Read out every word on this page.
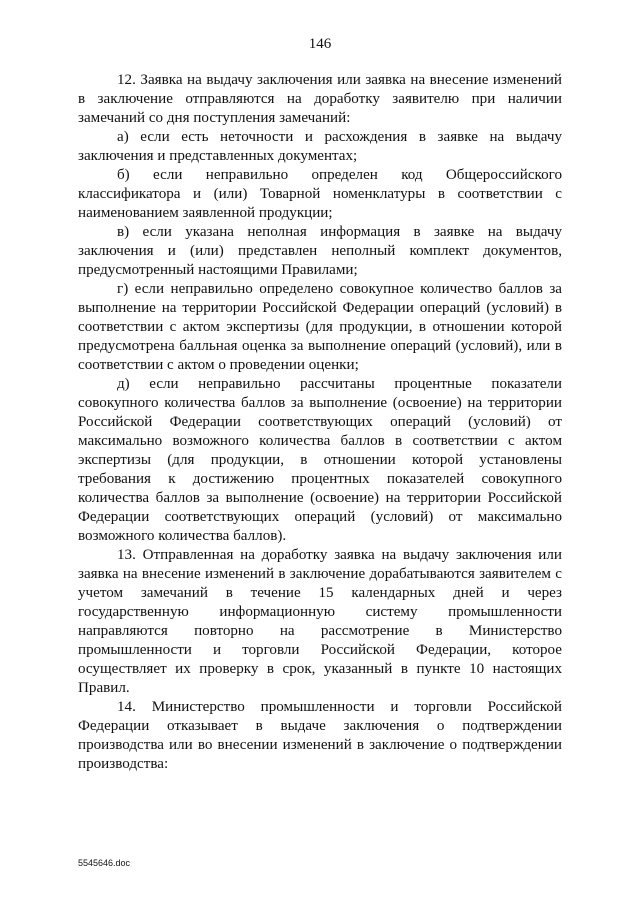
146

12. Заявка на выдачу заключения или заявка на внесение изменений в заключение отправляются на доработку заявителю при наличии замечаний со дня поступления замечаний:

а) если есть неточности и расхождения в заявке на выдачу заключения и представленных документах;

б) если неправильно определен код Общероссийского классификатора и (или) Товарной номенклатуры в соответствии с наименованием заявленной продукции;

в) если указана неполная информация в заявке на выдачу заключения и (или) представлен неполный комплект документов, предусмотренный настоящими Правилами;

г) если неправильно определено совокупное количество баллов за выполнение на территории Российской Федерации операций (условий) в соответствии с актом экспертизы (для продукции, в отношении которой предусмотрена балльная оценка за выполнение операций (условий), или в соответствии с актом о проведении оценки;

д) если неправильно рассчитаны процентные показатели совокупного количества баллов за выполнение (освоение) на территории Российской Федерации соответствующих операций (условий) от максимально возможного количества баллов в соответствии с актом экспертизы (для продукции, в отношении которой установлены требования к достижению процентных показателей совокупного количества баллов за выполнение (освоение) на территории Российской Федерации соответствующих операций (условий) от максимально возможного количества баллов).

13. Отправленная на доработку заявка на выдачу заключения или заявка на внесение изменений в заключение дорабатываются заявителем с учетом замечаний в течение 15 календарных дней и через государственную информационную систему промышленности направляются повторно на рассмотрение в Министерство промышленности и торговли Российской Федерации, которое осуществляет их проверку в срок, указанный в пункте 10 настоящих Правил.

14. Министерство промышленности и торговли Российской Федерации отказывает в выдаче заключения о подтверждении производства или во внесении изменений в заключение о подтверждении производства:

5545646.doc
